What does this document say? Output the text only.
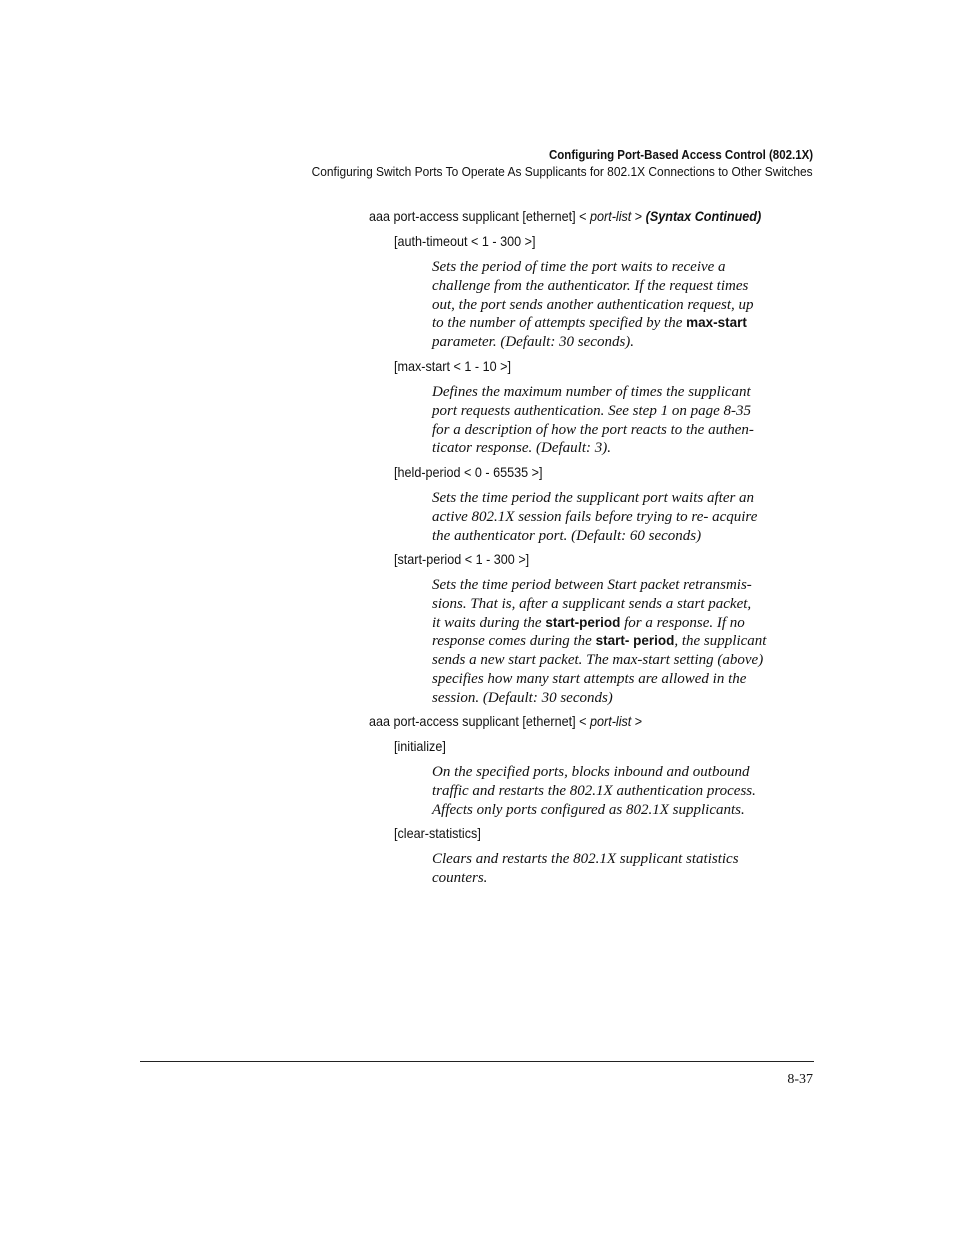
Configuring Port-Based Access Control (802.1X)
Configuring Switch Ports To Operate As Supplicants for 802.1X Connections to Other Switches
aaa port-access supplicant [ethernet] < port-list > (Syntax Continued)
[auth-timeout < 1 - 300 >]
Sets the period of time the port waits to receive a
challenge from the authenticator. If the request times
out, the port sends another authentication request, up
to the number of attempts specified by the max-start
parameter. (Default: 30 seconds).
[max-start < 1 - 10 >]
Defines the maximum number of times the supplicant
port requests authentication. See step 1 on page 8-35
for a description of how the port reacts to the authen-
ticator response. (Default: 3).
[held-period < 0 - 65535 >]
Sets the time period the supplicant port waits after an
active 802.1X session fails before trying to re- acquire
the authenticator port. (Default: 60 seconds)
[start-period < 1 - 300 >]
Sets the time period between Start packet retransmis-
sions. That is, after a supplicant sends a start packet,
it waits during the start-period for a response. If no
response comes during the start- period, the supplicant
sends a new start packet. The max-start setting (above)
specifies how many start attempts are allowed in the
session. (Default: 30 seconds)
aaa port-access supplicant [ethernet] < port-list >
[initialize]
On the specified ports, blocks inbound and outbound
traffic and restarts the 802.1X authentication process.
Affects only ports configured as 802.1X supplicants.
[clear-statistics]
Clears and restarts the 802.1X supplicant statistics
counters.
8-37
